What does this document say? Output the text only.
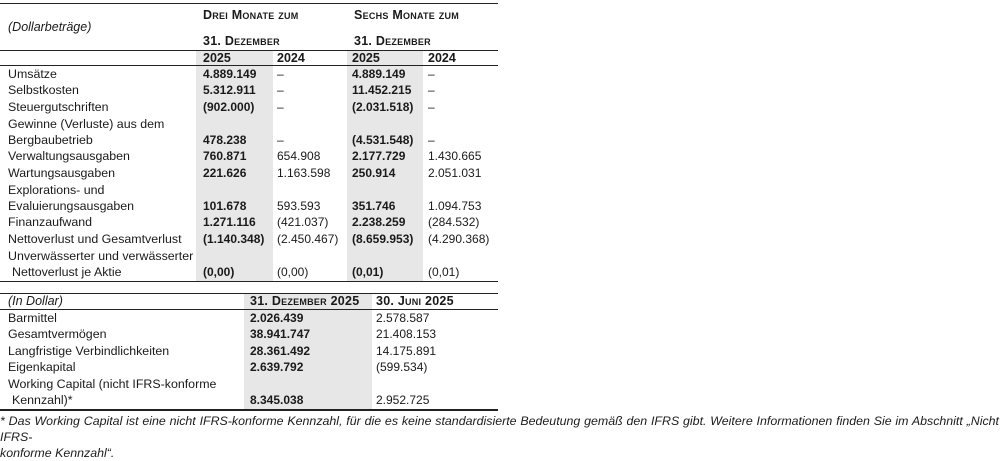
(Dollarbeträge)
Drei Monate zum
31. Dezember
Sechs Monate zum
31. Dezember
2025	2024	2025	2024
Umsätze	4.889.149	–	4.889.149	–
Selbstkosten	5.312.911	–	11.452.215	–
Steuergutschriften	(902.000)	–	(2.031.518)	–
Gewinne (Verluste) aus dem
Bergbaubetrieb	478.238	–	(4.531.548)	–
Verwaltungsausgaben	760.871	654.908	2.177.729	1.430.665
Wartungsausgaben	221.626	1.163.598	250.914	2.051.031
Explorations- und
Evaluierungsausgaben	101.678	593.593	351.746	1.094.753
Finanzaufwand	1.271.116	(421.037)	2.238.259	(284.532)
Nettoverlust und Gesamtverlust	(1.140.348)	(2.450.467)	(8.659.953)	(4.290.368)
Unverwässerter und verwässerter
Nettoverlust je Aktie	(0,00)	(0,00)	(0,01)	(0,01)
(In Dollar)	31. Dezember 2025	30. Juni 2025
Barmittel	2.026.439	2.578.587
Gesamtvermögen	38.941.747	21.408.153
Langfristige Verbindlichkeiten	28.361.492	14.175.891
Eigenkapital	2.639.792	(599.534)
Working Capital (nicht IFRS-konforme
Kennzahl)*	8.345.038	2.952.725
* Das Working Capital ist eine nicht IFRS-konforme Kennzahl, für die es keine standardisierte Bedeutung gemäß den IFRS gibt. Weitere Informationen finden Sie im Abschnitt „Nicht IFRS-
konforme Kennzahl“.
